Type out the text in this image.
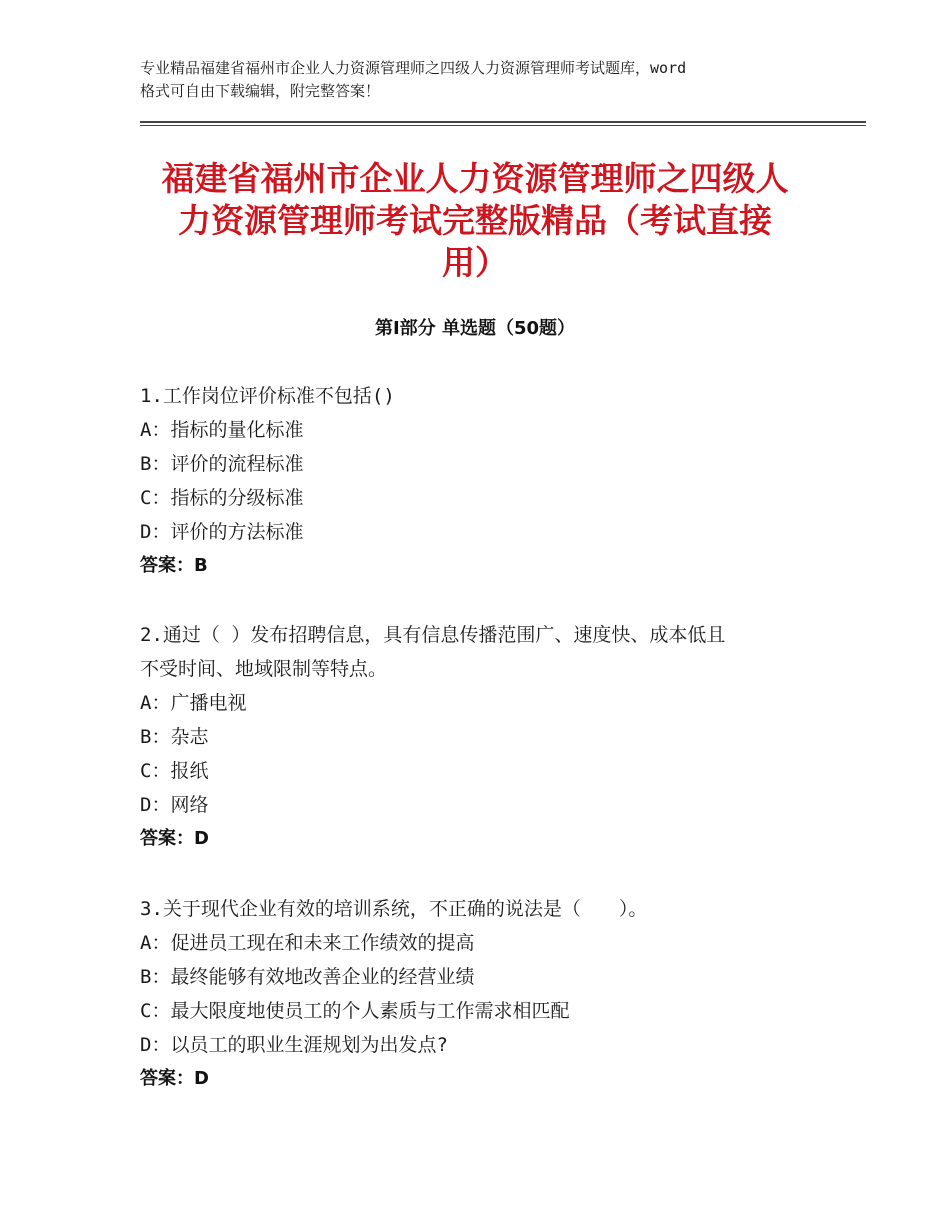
专业精品福建省福州市企业人力资源管理师之四级人力资源管理师考试题库，word
格式可自由下载编辑，附完整答案！
福建省福州市企业人力资源管理师之四级人
力资源管理师考试完整版精品（考试直接
用）
第Ⅰ部分 单选题（50题）
1.工作岗位评价标准不包括()
A：指标的量化标准
B：评价的流程标准
C：指标的分级标准
D：评价的方法标准
答案：B
2.通过（ ）发布招聘信息，具有信息传播范围广、速度快、成本低且
不受时间、地域限制等特点。
A：广播电视
B：杂志
C：报纸
D：网络
答案：D
3.关于现代企业有效的培训系统，不正确的说法是（　　）。
A：促进员工现在和未来工作绩效的提高
B：最终能够有效地改善企业的经营业绩
C：最大限度地使员工的个人素质与工作需求相匹配
D：以员工的职业生涯规划为出发点?
答案：D
